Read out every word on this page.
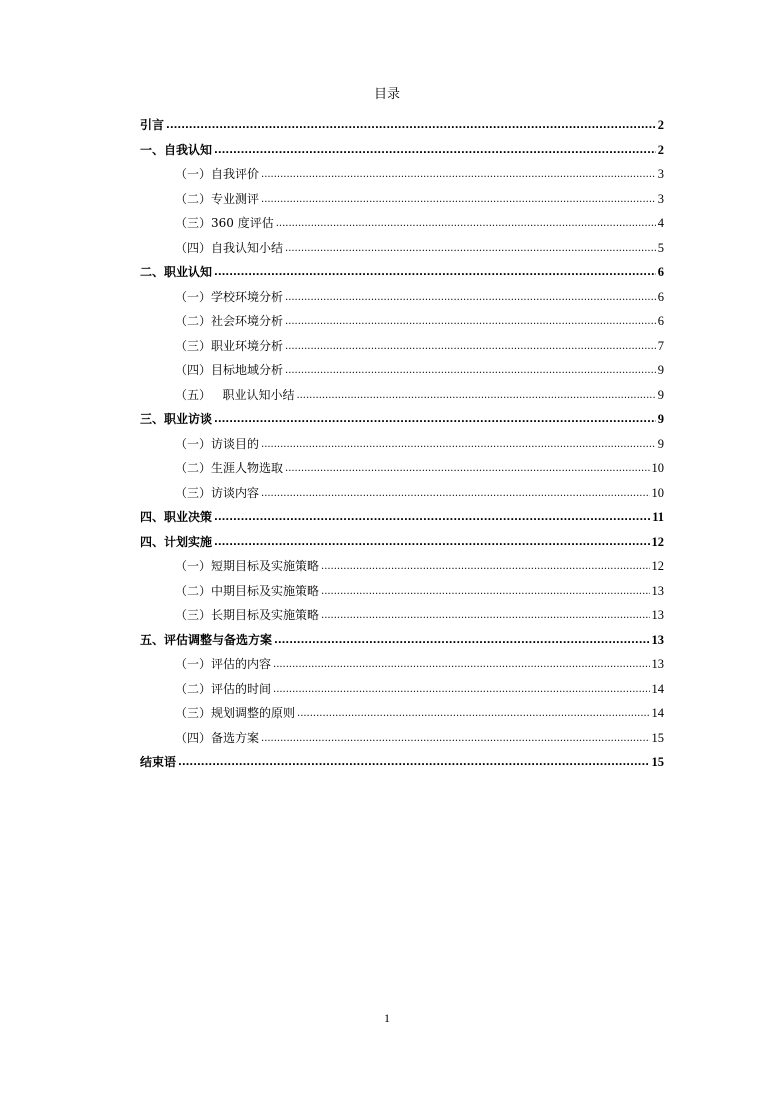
目录
引言 .....	2
一、自我认知 .....	2
（一）自我评价 .....	3
（二）专业测评 .....	3
（三）360 度评估 .....	4
（四）自我认知小结 .....	5
二、职业认知 .....	6
（一）学校环境分析 .....	6
（二）社会环境分析 .....	6
（三）职业环境分析 .....	7
（四）目标地域分析 .....	9
（五）   职业认知小结 .....	9
三、职业访谈 .....	9
（一）访谈目的 .....	9
（二）生涯人物选取 .....	10
（三）访谈内容 .....	10
四、职业决策 .....	11
四、计划实施 .....	12
（一）短期目标及实施策略 .....	12
（二）中期目标及实施策略 .....	13
（三）长期目标及实施策略 .....	13
五、评估调整与备选方案 .....	13
（一）评估的内容 .....	13
（二）评估的时间 .....	14
（三）规划调整的原则 .....	14
（四）备选方案 .....	15
结束语 .....	15
1
